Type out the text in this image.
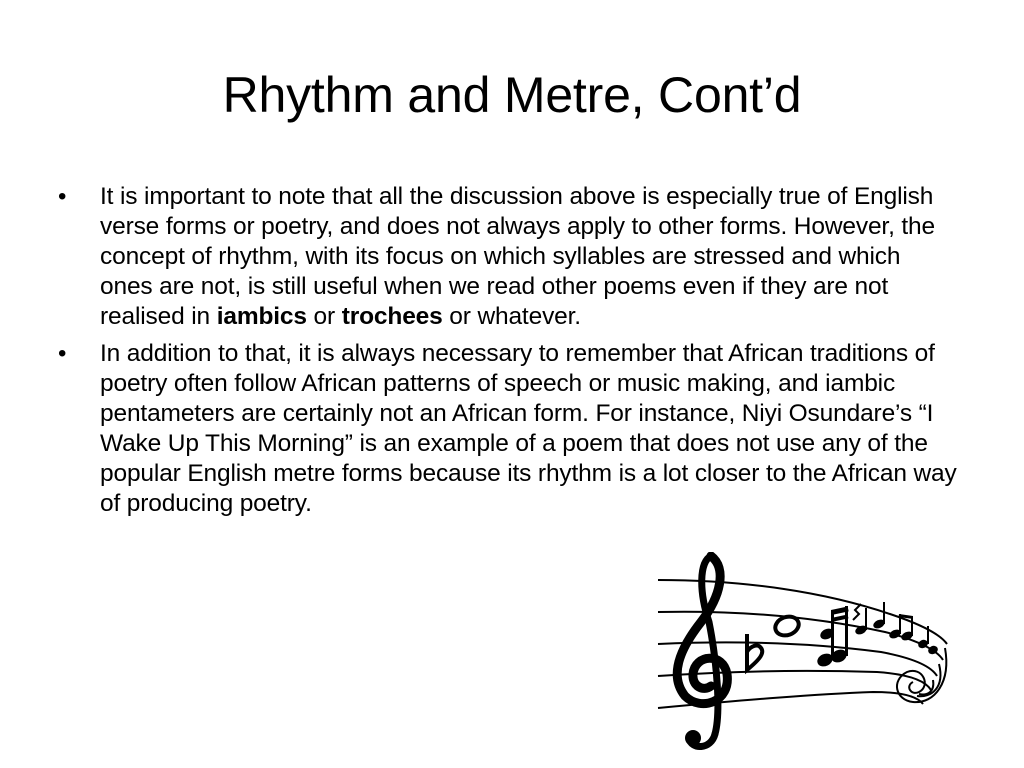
Rhythm and Metre, Cont’d
• It is important to note that all the discussion above is especially true of English verse forms or poetry, and does not always apply to other forms. However, the concept of rhythm, with its focus on which syllables are stressed and which ones are not, is still useful when we read other poems even if they are not realised in iambics or trochees or whatever.
• In addition to that, it is always necessary to remember that African traditions of poetry often follow African patterns of speech or music making, and iambic pentameters are certainly not an African form. For instance, Niyi Osundare’s “I Wake Up This Morning” is an example of a poem that does not use any of the popular English metre forms because its rhythm is a lot closer to the African way of producing poetry.
